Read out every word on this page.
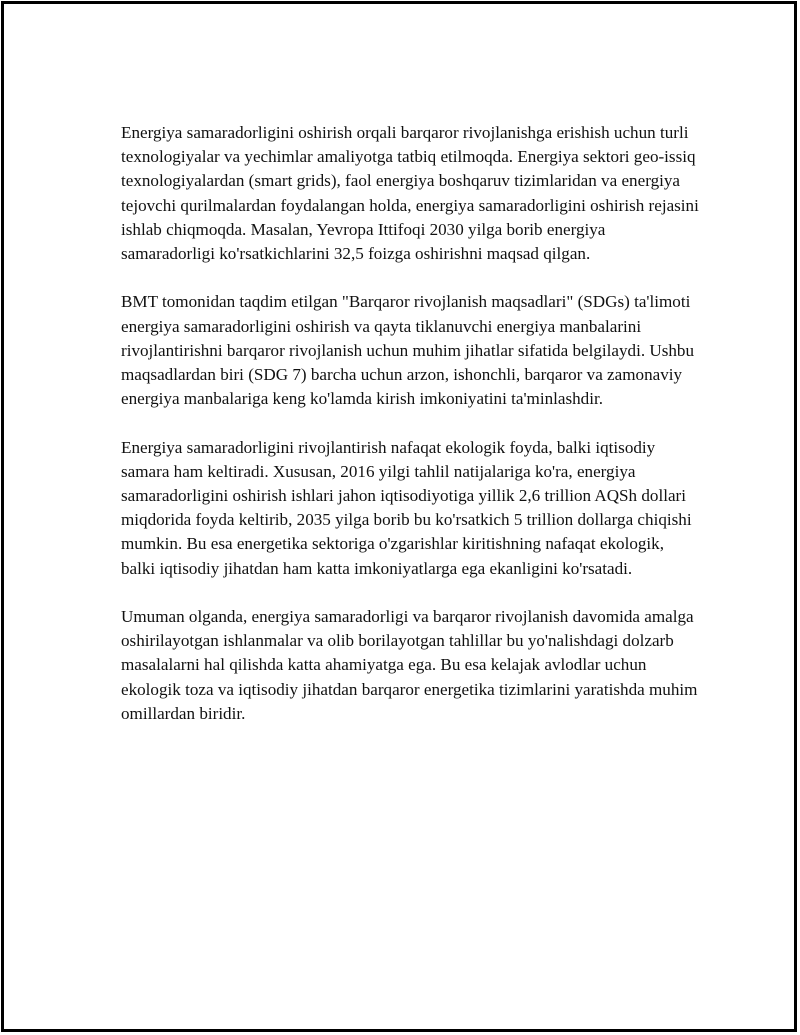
Energiya samaradorligini oshirish orqali barqaror rivojlanishga erishish uchun turli texnologiyalar va yechimlar amaliyotga tatbiq etilmoqda. Energiya sektori geo-issiq texnologiyalardan (smart grids), faol energiya boshqaruv tizimlaridan va energiya tejovchi qurilmalardan foydalangan holda, energiya samaradorligini oshirish rejasini ishlab chiqmoqda. Masalan, Yevropa Ittifoqi 2030 yilga borib energiya samaradorligi ko'rsatkichlarini 32,5 foizga oshirishni maqsad qilgan.

BMT tomonidan taqdim etilgan "Barqaror rivojlanish maqsadlari" (SDGs) ta'limoti energiya samaradorligini oshirish va qayta tiklanuvchi energiya manbalarini rivojlantirishni barqaror rivojlanish uchun muhim jihatlar sifatida belgilaydi. Ushbu maqsadlardan biri (SDG 7) barcha uchun arzon, ishonchli, barqaror va zamonaviy energiya manbalariga keng ko'lamda kirish imkoniyatini ta'minlashdir.

Energiya samaradorligini rivojlantirish nafaqat ekologik foyda, balki iqtisodiy samara ham keltiradi. Xususan, 2016 yilgi tahlil natijalariga ko'ra, energiya samaradorligini oshirish ishlari jahon iqtisodiyotiga yillik 2,6 trillion AQSh dollari miqdorida foyda keltirib, 2035 yilga borib bu ko'rsatkich 5 trillion dollarga chiqishi mumkin. Bu esa energetika sektoriga o'zgarishlar kiritishning nafaqat ekologik, balki iqtisodiy jihatdan ham katta imkoniyatlarga ega ekanligini ko'rsatadi.

Umuman olganda, energiya samaradorligi va barqaror rivojlanish davomida amalga oshirilayotgan ishlanmalar va olib borilayotgan tahlillar bu yo'nalishdagi dolzarb masalalarni hal qilishda katta ahamiyatga ega. Bu esa kelajak avlodlar uchun ekologik toza va iqtisodiy jihatdan barqaror energetika tizimlarini yaratishda muhim omillardan biridir.
